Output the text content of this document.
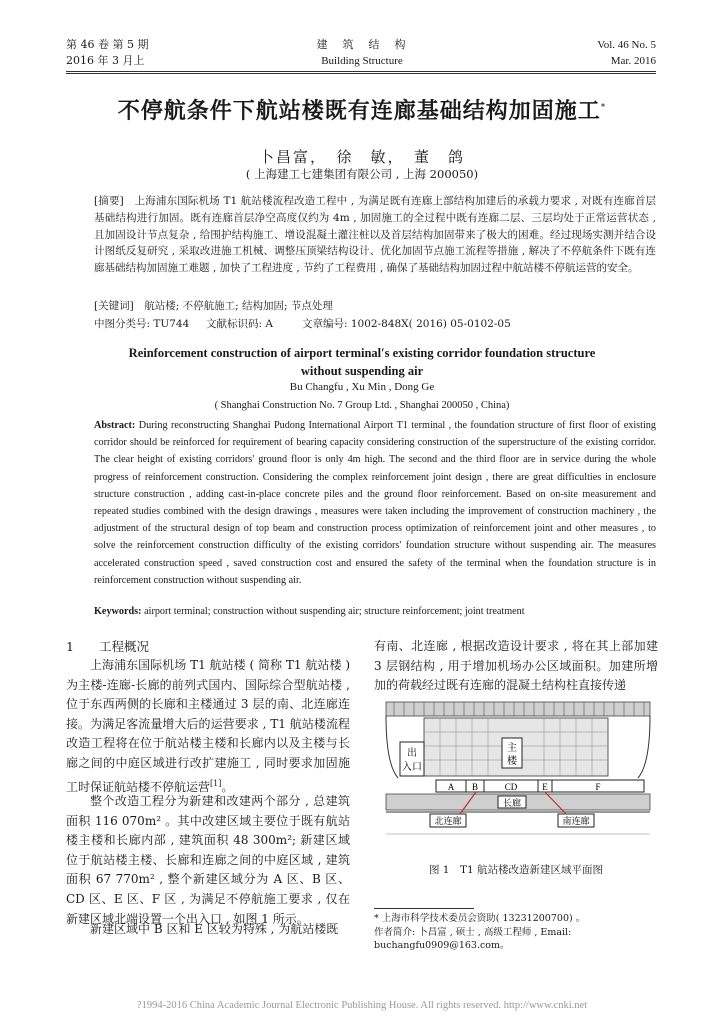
第 46 卷 第 5 期
2016 年 3 月上
建　筑　结　构
Building Structure
Vol. 46 No. 5
Mar. 2016
不停航条件下航站楼既有连廊基础结构加固施工*
卜昌富，　徐　敏，　董　鸽
( 上海建工七建集团有限公司 , 上海 200050)
[摘要]　 上海浦东国际机场 T1 航站楼流程改造工程中 , 为满足既有连廊上部结构加建后的承载力要求 , 对既有连廊首层基础结构进行加固。既有连廊首层净空高度仅约为 4m , 加固施工的全过程中既有连廊二层、三层均处于正常运营状态 , 且加固设计节点复杂 , 给围护结构施工、增设混凝土灌注桩以及首层结构加固带来了极大的困难。经过现场实测并结合设计图纸反复研究 , 采取改进施工机械、调整压顶梁结构设计、优化加固节点施工流程等措施 , 解决了不停航条件下既有连廊基础结构加固施工难题 , 加快了工程进度 , 节约了工程费用 , 确保了基础结构加固过程中航站楼不停航运营的安全。
[关键词]　 航站楼; 不停航施工; 结构加固; 节点处理
中图分类号: TU744 文献标识码: A	文章编号: 1002-848X( 2016) 05-0102-05
Reinforcement construction of airport terminal′s existing corridor foundation structure
without suspending air
Bu Changfu , Xu Min , Dong Ge
( Shanghai Construction No. 7 Group Ltd. , Shanghai 200050 , China)
Abstract: During reconstructing Shanghai Pudong International Airport T1 terminal , the foundation structure of first floor of existing corridor should be reinforced for requirement of bearing capacity considering construction of the superstructure of the existing corridor. The clear height of existing corridors' ground floor is only 4m high. The second and the third floor are in service during the whole progress of reinforcement construction. Considering the complex reinforcement joint design , there are great difficulties in enclosure structure construction , adding cast-in-place concrete piles and the ground floor reinforcement. Based on on-site measurement and repeated studies combined with the design drawings , measures were taken including the improvement of construction machinery , the adjustment of the structural design of top beam and construction process optimization of reinforcement joint and other measures , to solve the reinforcement construction difficulty of the existing corridors' foundation structure without suspending air. The measures accelerated construction speed , saved construction cost and ensured the safety of the terminal when the foundation structure is in reinforcement construction without suspending air.
Keywords: airport terminal; construction without suspending air; structure reinforcement; joint treatment
1　　 工程概况
上海浦东国际机场 T1 航站楼 ( 简称 T1 航站楼 ) 为主楼-连廊-长廊的前列式国内、国际综合型航站楼 , 位于东西两侧的长廊和主楼通过 3 层的南、北连廊连接。为满足客流量增大后的运营要求 , T1 航站楼流程改造工程将在位于航站楼主楼和长廊内以及主楼与长廊之间的中庭区域进行改扩建施工 , 同时要求加固施工时保证航站楼不停航运营[1]。
整个改造工程分为新建和改建两个部分 , 总建筑面积 116 070m² 。其中改建区域主要位于既有航站楼主楼和长廊内部 , 建筑面积 48 300m²; 新建区域位于航站楼主楼、长廊和连廊之间的中庭区域 , 建筑面积 67 770m² , 整个新建区域分为 A 区、B 区、CD 区、E 区、F 区 , 为满足不停航施工要求 , 仅在新建区域北端设置一个出入口 , 如图 1 所示。
新建区域中 B 区和 E 区较为特殊 , 为航站楼既
有南、北连廊 , 根据改造设计要求 , 将在其上部加建 3 层钢结构 , 用于增加机场办公区域面积。加建所增加的荷载经过既有连廊的混凝土结构柱直接传递
出
入口
主
楼
A B	CD	E	F
长廊
北连廊	南连廊
图 1　T1 航站楼改造新建区域平面图
* 上海市科学技术委员会资助( 13231200700) 。
作者简介: 卜昌富 , 硕士 , 高级工程师 , Email: buchangfu0909@163.com。
?1994-2016 China Academic Journal Electronic Publishing House. All rights reserved. http://www.cnki.net
